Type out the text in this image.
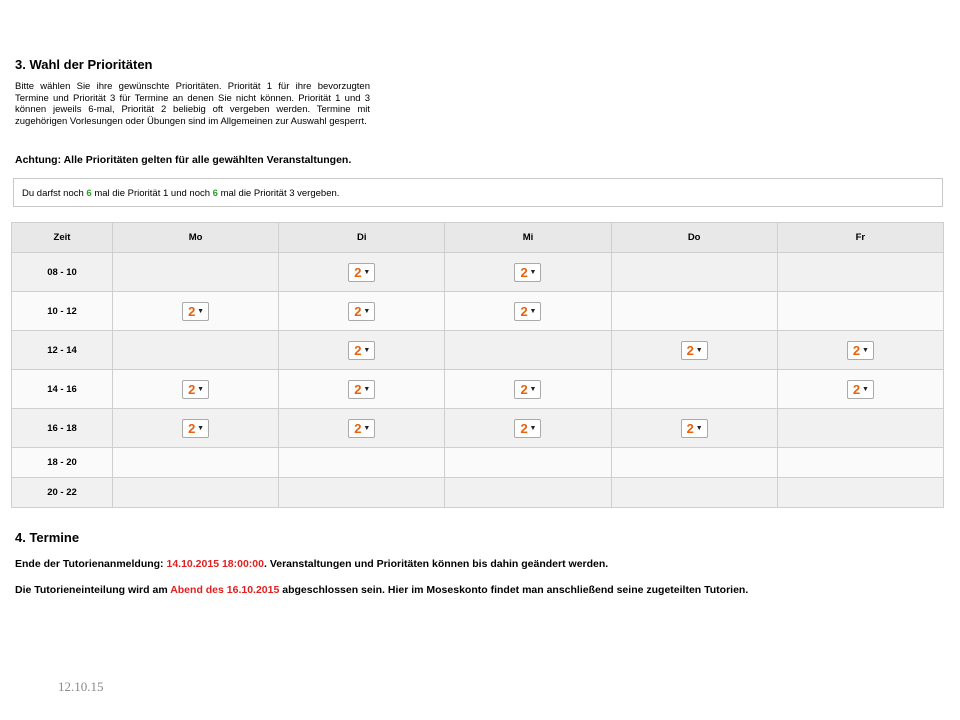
3. Wahl der Prioritäten
Bitte wählen Sie ihre gewünschte Prioritäten. Priorität 1 für ihre bevorzugten Termine und Priorität 3 für Termine an denen Sie nicht können. Priorität 1 und 3 können jeweils 6-mal, Priorität 2 beliebig oft vergeben werden. Termine mit zugehörigen Vorlesungen oder Übungen sind im Allgemeinen zur Auswahl gesperrt.
Achtung: Alle Prioritäten gelten für alle gewählten Veranstaltungen.
Du darfst noch 6 mal die Priorität 1 und noch 6 mal die Priorität 3 vergeben.
Zeit	Mo	Di	Mi	Do	Fr
08 - 10		2 ▼	2 ▼		

10 - 12	2 ▼	2 ▼	2 ▼		

12 - 14		2 ▼		2 ▼	2 ▼

14 - 16	2 ▼	2 ▼	2 ▼		2 ▼

16 - 18	2 ▼	2 ▼	2 ▼	2 ▼	

18 - 20					
20 - 22					
4. Termine
Ende der Tutorienanmeldung: 14.10.2015 18:00:00. Veranstaltungen und Prioritäten können bis dahin geändert werden.
Die Tutorieneinteilung wird am Abend des 16.10.2015 abgeschlossen sein. Hier im Moseskonto findet man anschließend seine zugeteilten Tutorien.
12.10.15
